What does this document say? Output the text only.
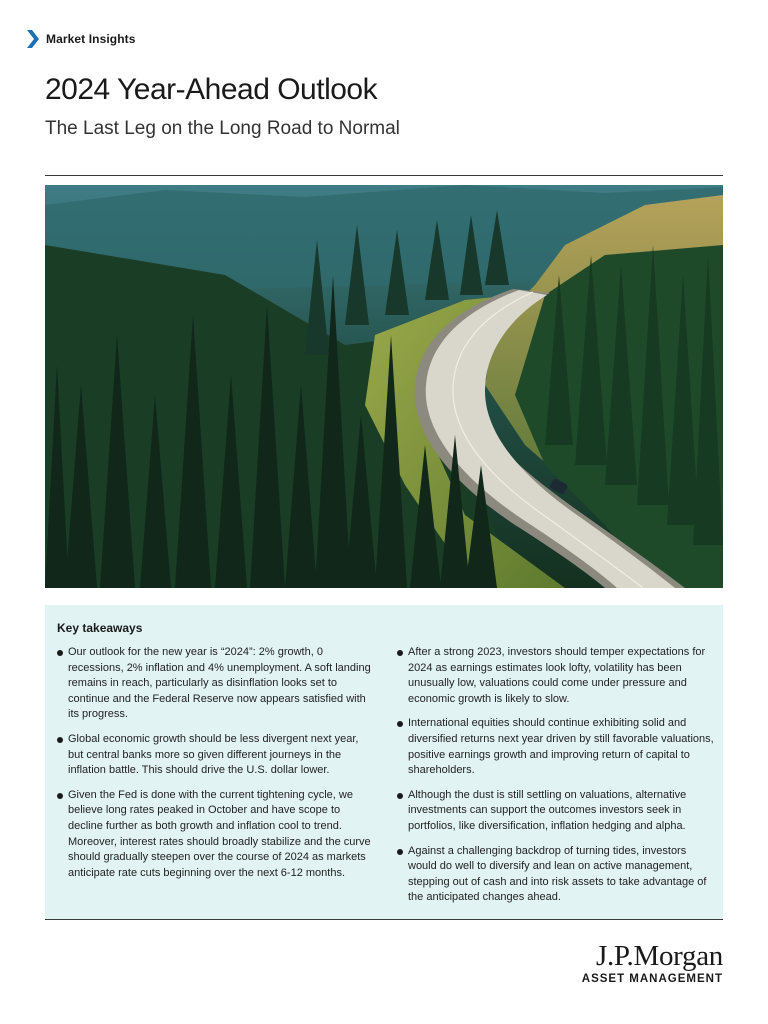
Market Insights
2024 Year-Ahead Outlook
The Last Leg on the Long Road to Normal
Key takeaways
Our outlook for the new year is “2024”: 2% growth, 0 recessions, 2% inflation and 4% unemployment. A soft landing remains in reach, particularly as disinflation looks set to continue and the Federal Reserve now appears satisfied with its progress.
Global economic growth should be less divergent next year, but central banks more so given different journeys in the inflation battle. This should drive the U.S. dollar lower.
Given the Fed is done with the current tightening cycle, we believe long rates peaked in October and have scope to decline further as both growth and inflation cool to trend. Moreover, interest rates should broadly stabilize and the curve should gradually steepen over the course of 2024 as markets anticipate rate cuts beginning over the next 6-12 months.
After a strong 2023, investors should temper expectations for 2024 as earnings estimates look lofty, volatility has been unusually low, valuations could come under pressure and economic growth is likely to slow.
International equities should continue exhibiting solid and diversified returns next year driven by still favorable valuations, positive earnings growth and improving return of capital to shareholders.
Although the dust is still settling on valuations, alternative investments can support the outcomes investors seek in portfolios, like diversification, inflation hedging and alpha.
Against a challenging backdrop of turning tides, investors would do well to diversify and lean on active management, stepping out of cash and into risk assets to take advantage of the anticipated changes ahead.
J.P.Morgan
ASSET MANAGEMENT
